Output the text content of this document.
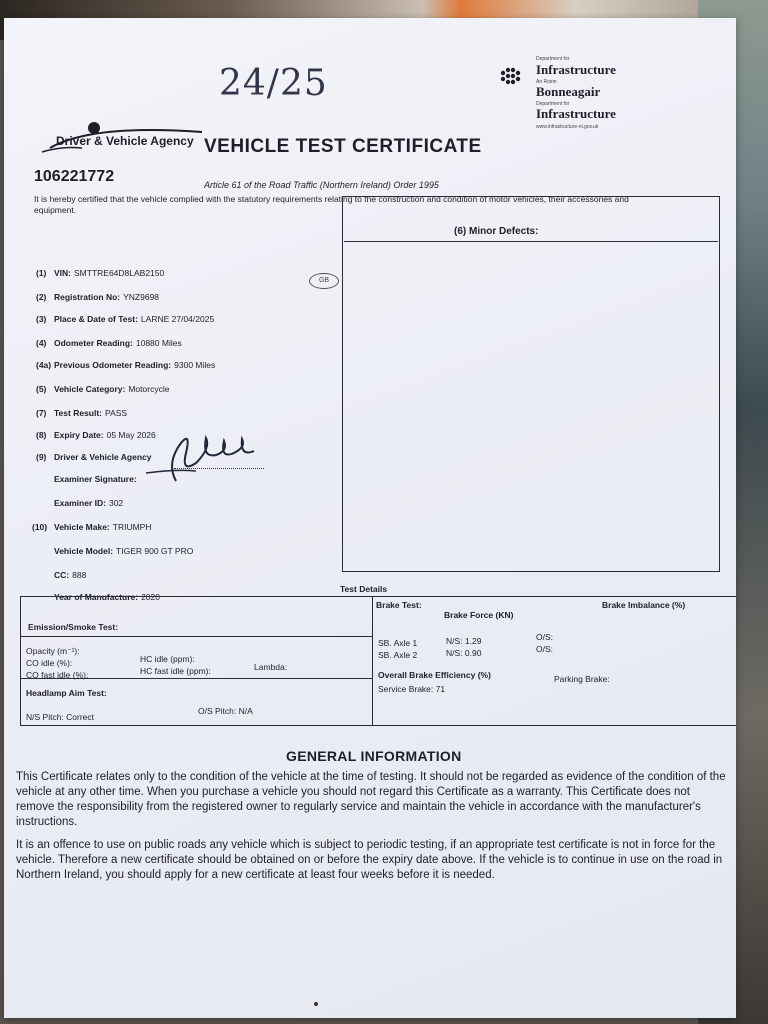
24/25
Driver & Vehicle Agency
106221772
VEHICLE TEST CERTIFICATE
Department for
Infrastructure
An Roinn
Bonneagair
Department for
Infrastructure
www.infrastructure-ni.gov.uk
Article 61 of the Road Traffic (Northern Ireland) Order 1995
It is hereby certified that the vehicle complied with the statutory requirements relating to the construction and condition of motor vehicles, their accessories and equipment.
(1) VIN: SMTTRE64D8LAB2150
(2) Registration No: YNZ9698
(3) Place & Date of Test: LARNE 27/04/2025
(4) Odometer Reading: 10880 Miles
(4a) Previous Odometer Reading: 9300 Miles
(5) Vehicle Category: Motorcycle
(7) Test Result: PASS
(8) Expiry Date: 05 May 2026
(9) Driver & Vehicle Agency
Examiner Signature:
Examiner ID: 302
(10) Vehicle Make: TRIUMPH
Vehicle Model: TIGER 900 GT PRO
CC: 888
Year of Manufacture: 2020
GB
(6) Minor Defects:
Test Details
Emission/Smoke Test:
Opacity (m⁻¹):
CO idle (%):
CO fast idle (%):
HC idle (ppm):
HC fast idle (ppm):	Lambda:
Headlamp Aim Test:
N/S Pitch: Correct
O/S Pitch: N/A
Brake Test:
Brake Force (KN)
Brake Imbalance (%)
SB. Axle 1
SB. Axle 2
N/S: 1.29
N/S: 0.90
O/S:
O/S:
Overall Brake Efficiency (%)
Service Brake: 71
Parking Brake:
GENERAL INFORMATION
This Certificate relates only to the condition of the vehicle at the time of testing. It should not be regarded as evidence of the condition of the vehicle at any other time. When you purchase a vehicle you should not regard this Certificate as a warranty. This Certificate does not remove the responsibility from the registered owner to regularly service and maintain the vehicle in accordance with the manufacturer's instructions.
It is an offence to use on public roads any vehicle which is subject to periodic testing, if an appropriate test certificate is not in force for the vehicle. Therefore a new certificate should be obtained on or before the expiry date above. If the vehicle is to continue in use on the road in Northern Ireland, you should apply for a new certificate at least four weeks before it is needed.
